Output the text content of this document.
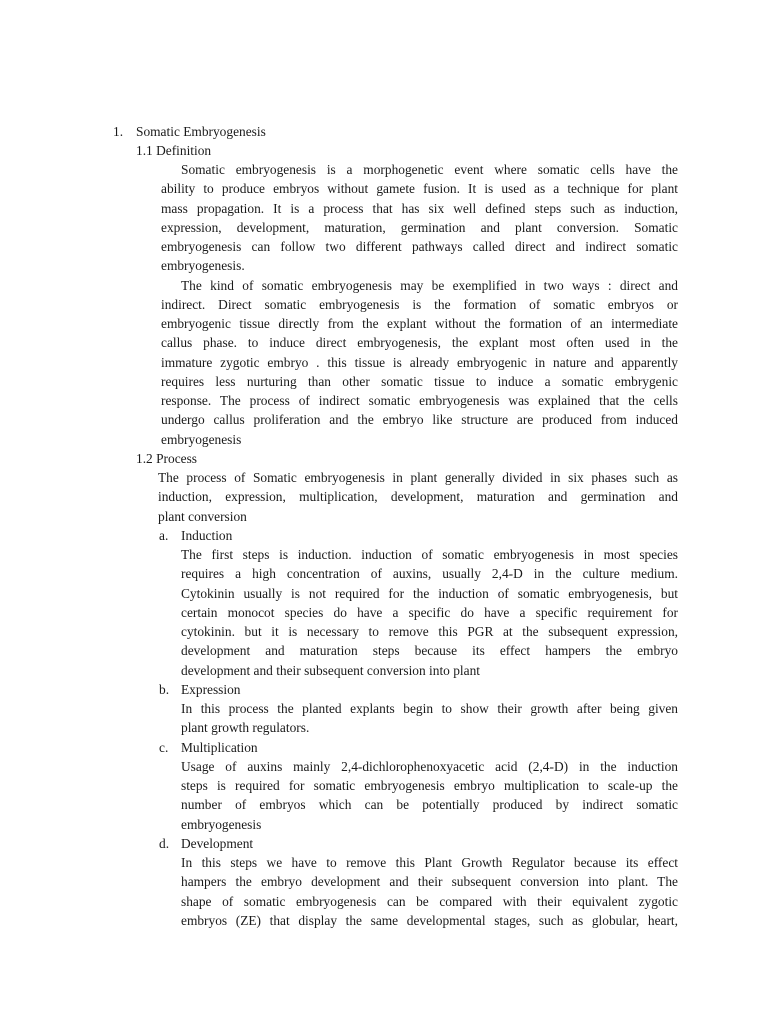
1. Somatic Embryogenesis
1.1 Definition
Somatic embryogenesis is a morphogenetic event where somatic cells have the
ability to produce embryos without gamete fusion. It is used as a technique for plant
mass propagation. It is a process that has six well defined steps such as induction,
expression, development, maturation, germination and plant conversion. Somatic
embryogenesis can follow two different pathways called direct and indirect somatic
embryogenesis.
The kind of somatic embryogenesis may be exemplified in two ways : direct and
indirect. Direct somatic embryogenesis is the formation of somatic embryos or
embryogenic tissue directly from the explant without the formation of an intermediate
callus phase. to induce direct embryogenesis, the explant most often used in the
immature zygotic embryo . this tissue is already embryogenic in nature and apparently
requires less nurturing than other somatic tissue to induce a somatic embrygenic
response. The process of indirect somatic embryogenesis was explained that the cells
undergo callus proliferation and the embryo like structure are produced from induced
embryogenesis
1.2 Process
The process of Somatic embryogenesis in plant generally divided in six phases such as
induction, expression, multiplication, development, maturation and germination and
plant conversion
a. Induction
The first steps is induction. induction of somatic embryogenesis in most species
requires a high concentration of auxins, usually 2,4-D in the culture medium.
Cytokinin usually is not required for the induction of somatic embryogenesis, but
certain monocot species do have a specific do have a specific requirement for
cytokinin. but it is necessary to remove this PGR at the subsequent expression,
development and maturation steps because its effect hampers the embryo
development and their subsequent conversion into plant
b. Expression
In this process the planted explants begin to show their growth after being given
plant growth regulators.
c. Multiplication
Usage of auxins mainly 2,4-dichlorophenoxyacetic acid (2,4-D) in the induction
steps is required for somatic embryogenesis embryo multiplication to scale-up the
number of embryos which can be potentially produced by indirect somatic
embryogenesis
d. Development
In this steps we have to remove this Plant Growth Regulator because its effect
hampers the embryo development and their subsequent conversion into plant. The
shape of somatic embryogenesis can be compared with their equivalent zygotic
embryos (ZE) that display the same developmental stages, such as globular, heart,
